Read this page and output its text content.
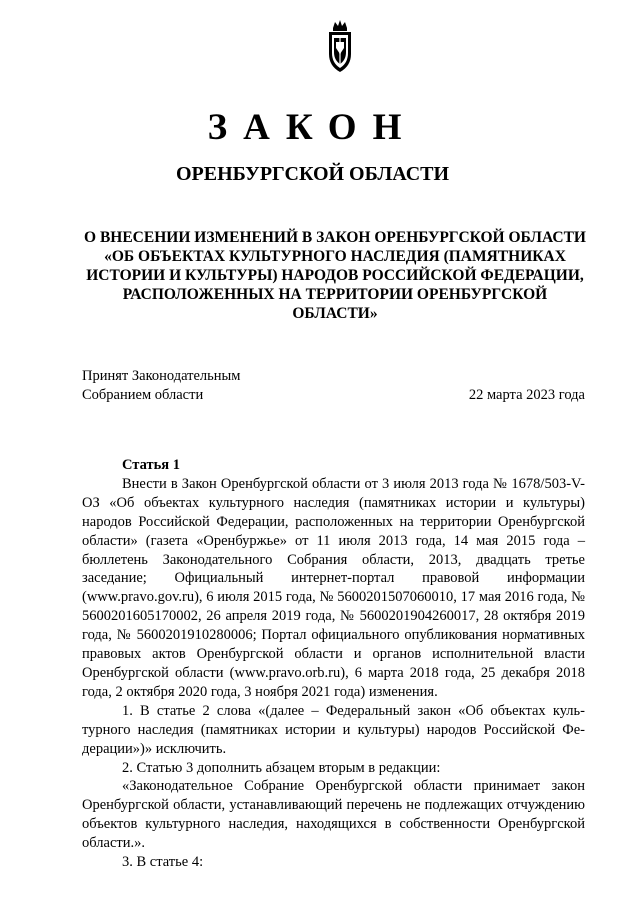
ЗАКОН
ОРЕНБУРГСКОЙ ОБЛАСТИ
О ВНЕСЕНИИ ИЗМЕНЕНИЙ В ЗАКОН ОРЕНБУРГСКОЙ ОБЛАСТИ
«ОБ ОБЪЕКТАХ КУЛЬТУРНОГО НАСЛЕДИЯ (ПАМЯТНИКАХ
ИСТОРИИ И КУЛЬТУРЫ) НАРОДОВ РОССИЙСКОЙ ФЕДЕРАЦИИ,
РАСПОЛОЖЕННЫХ НА ТЕРРИТОРИИ ОРЕНБУРГСКОЙ
ОБЛАСТИ»
Принят Законодательным
Собранием области	22 марта 2023 года
Статья 1

Внести в Закон Оренбургской области от 3 июля 2013 года № 1678/503-V-ОЗ «Об объектах культурного наследия (памятниках истории и культуры) народов Российской Федерации, расположенных на территории Оренбургской области» (газета «Оренбуржье» от 11 июля 2013 года, 14 мая 2015 года – бюллетень Законодательного Собрания области, 2013, двадцать третье заседание; Официальный интернет-портал правовой информации (www.pravo.gov.ru), 6 июля 2015 года, № 5600201507060010, 17 мая 2016 года, № 5600201605170002, 26 апреля 2019 года, № 5600201904260017, 28 октября 2019 года, № 5600201910280006; Портал официального опубликования нормативных правовых актов Оренбургской области и органов исполнительной власти Оренбургской области (www.pravo.orb.ru), 6 марта 2018 года, 25 декабря 2018 года, 2 октября 2020 года, 3 ноября 2021 года) изменения.

1. В статье 2 слова «(далее – Федеральный закон «Об объектах культурного наследия (памятниках истории и культуры) народов Российской Федерации»)» исключить.

2. Статью 3 дополнить абзацем вторым в редакции:

«Законодательное Собрание Оренбургской области принимает закон Оренбургской области, устанавливающий перечень не подлежащих отчуждению объектов культурного наследия, находящихся в собственности Оренбургской области.».

3. В статье 4:
